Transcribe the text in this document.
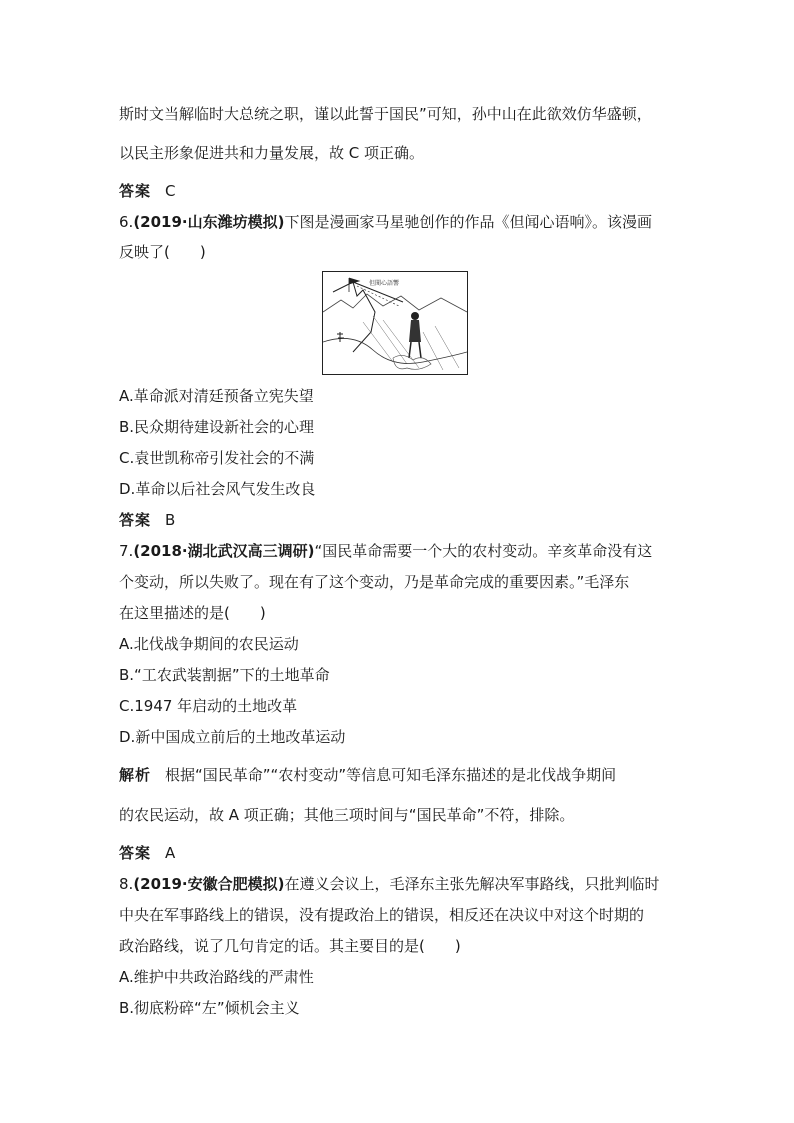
斯时文当解临时大总统之职，谨以此誓于国民”可知，孙中山在此欲效仿华盛顿，
以民主形象促进共和力量发展，故 C 项正确。
答案 C
6.(2019·山东潍坊模拟)下图是漫画家马星驰创作的作品《但闻心语响》。该漫画
反映了(　　)
但聞心語響
A.革命派对清廷预备立宪失望
B.民众期待建设新社会的心理
C.袁世凯称帝引发社会的不满
D.革命以后社会风气发生改良
答案 B
7.(2018·湖北武汉高三调研)“国民革命需要一个大的农村变动。辛亥革命没有这
个变动，所以失败了。现在有了这个变动，乃是革命完成的重要因素。”毛泽东
在这里描述的是(　　)
A.北伐战争期间的农民运动
B.“工农武装割据”下的土地革命
C.1947 年启动的土地改革
D.新中国成立前后的土地改革运动
解析 根据“国民革命”“农村变动”等信息可知毛泽东描述的是北伐战争期间
的农民运动，故 A 项正确；其他三项时间与“国民革命”不符，排除。
答案 A
8.(2019·安徽合肥模拟)在遵义会议上，毛泽东主张先解决军事路线，只批判临时
中央在军事路线上的错误，没有提政治上的错误，相反还在决议中对这个时期的
政治路线，说了几句肯定的话。其主要目的是(　　)
A.维护中共政治路线的严肃性
B.彻底粉碎“左”倾机会主义
